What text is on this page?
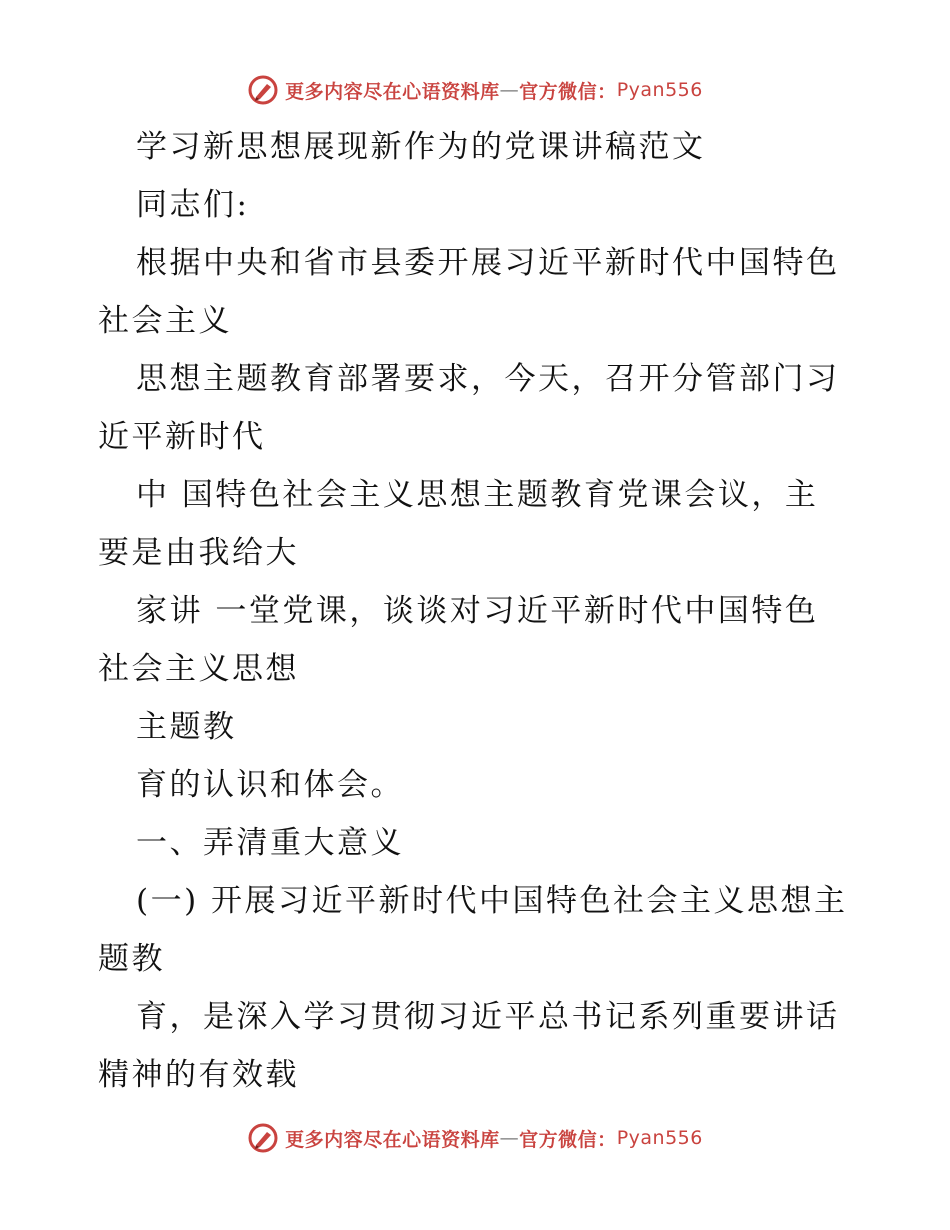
更多内容尽在心语资料库 — 官方微信： Pyan556
学习新思想展现新作为的党课讲稿范文
同志们:
根据中央和省市县委开展习近平新时代中国特色
社会主义
思想主题教育部署要求，今天，召开分管部门习
近平新时代
中 国特色社会主义思想主题教育党课会议，主
要是由我给大
家讲 一堂党课，谈谈对习近平新时代中国特色
社会主义思想
主题教
育的认识和体会。
一、弄清重大意义
(一) 开展习近平新时代中国特色社会主义思想主
题教
育，是深入学习贯彻习近平总书记系列重要讲话
精神的有效载
更多内容尽在心语资料库 — 官方微信： Pyan556
